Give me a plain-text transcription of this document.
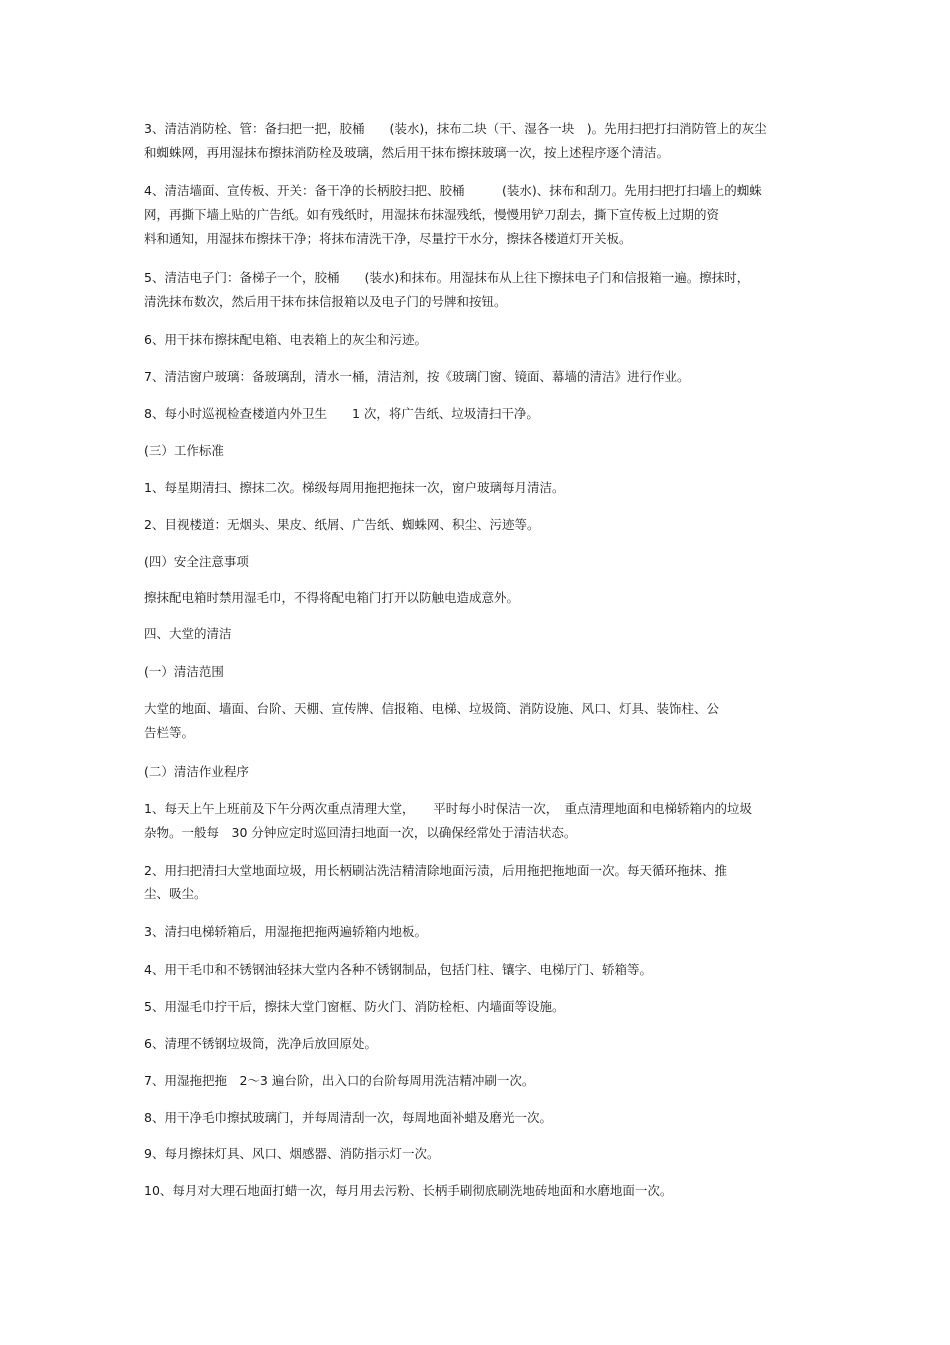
3、清洁消防栓、管：备扫把一把，胶桶　　(装水)，抹布二块（干、湿各一块　)。先用扫把打扫消防管上的灰尘
和蜘蛛网，再用湿抹布擦抹消防栓及玻璃，然后用干抹布擦抹玻璃一次，按上述程序逐个清洁。
4、清洁墙面、宣传板、开关：备干净的长柄胶扫把、胶桶　　　(装水)、抹布和刮刀。先用扫把打扫墙上的蜘蛛
网，再撕下墙上贴的广告纸。如有残纸时，用湿抹布抹湿残纸，慢慢用铲刀刮去，撕下宣传板上过期的资
料和通知，用湿抹布擦抹干净；将抹布清洗干净，尽量拧干水分，擦抹各楼道灯开关板。
5、清洁电子门：备梯子一个，胶桶　　(装水)和抹布。用湿抹布从上往下擦抹电子门和信报箱一遍。擦抹时，
清洗抹布数次，然后用干抹布抹信报箱以及电子门的号牌和按钮。
6、用干抹布擦抹配电箱、电表箱上的灰尘和污迹。
7、清洁窗户玻璃：备玻璃刮，清水一桶，清洁剂，按《玻璃门窗、镜面、幕墙的清洁》进行作业。
8、每小时巡视检查楼道内外卫生　　1 次，将广告纸、垃圾清扫干净。
(三）工作标准
1、每星期清扫、擦抹二次。梯级每周用拖把拖抹一次，窗户玻璃每月清洁。
2、目视楼道：无烟头、果皮、纸屑、广告纸、蜘蛛网、积尘、污迹等。
(四）安全注意事项
擦抹配电箱时禁用湿毛巾，不得将配电箱门打开以防触电造成意外。
四、大堂的清洁
(一）清洁范围
大堂的地面、墙面、台阶、天棚、宣传牌、信报箱、电梯、垃圾筒、消防设施、风口、灯具、装饰柱、公
告栏等。
(二）清洁作业程序
1、每天上午上班前及下午分两次重点清理大堂，　　平时每小时保洁一次，　重点清理地面和电梯轿箱内的垃圾
杂物。一般每　30 分钟应定时巡回清扫地面一次，以确保经常处于清洁状态。
2、用扫把清扫大堂地面垃圾，用长柄刷沾洗洁精清除地面污渍，后用拖把拖地面一次。每天循环拖抹、推
尘、吸尘。
3、清扫电梯轿箱后，用湿拖把拖两遍轿箱内地板。
4、用干毛巾和不锈钢油轻抹大堂内各种不锈钢制品，包括门柱、镶字、电梯厅门、轿箱等。
5、用湿毛巾拧干后，擦抹大堂门窗框、防火门、消防栓柜、内墙面等设施。
6、清理不锈钢垃圾筒，洗净后放回原处。
7、用湿拖把拖　2～3 遍台阶，出入口的台阶每周用洗洁精冲刷一次。
8、用干净毛巾擦拭玻璃门，并每周清刮一次，每周地面补蜡及磨光一次。
9、每月擦抹灯具、风口、烟感器、消防指示灯一次。
10、每月对大理石地面打蜡一次，每月用去污粉、长柄手刷彻底刷洗地砖地面和水磨地面一次。
